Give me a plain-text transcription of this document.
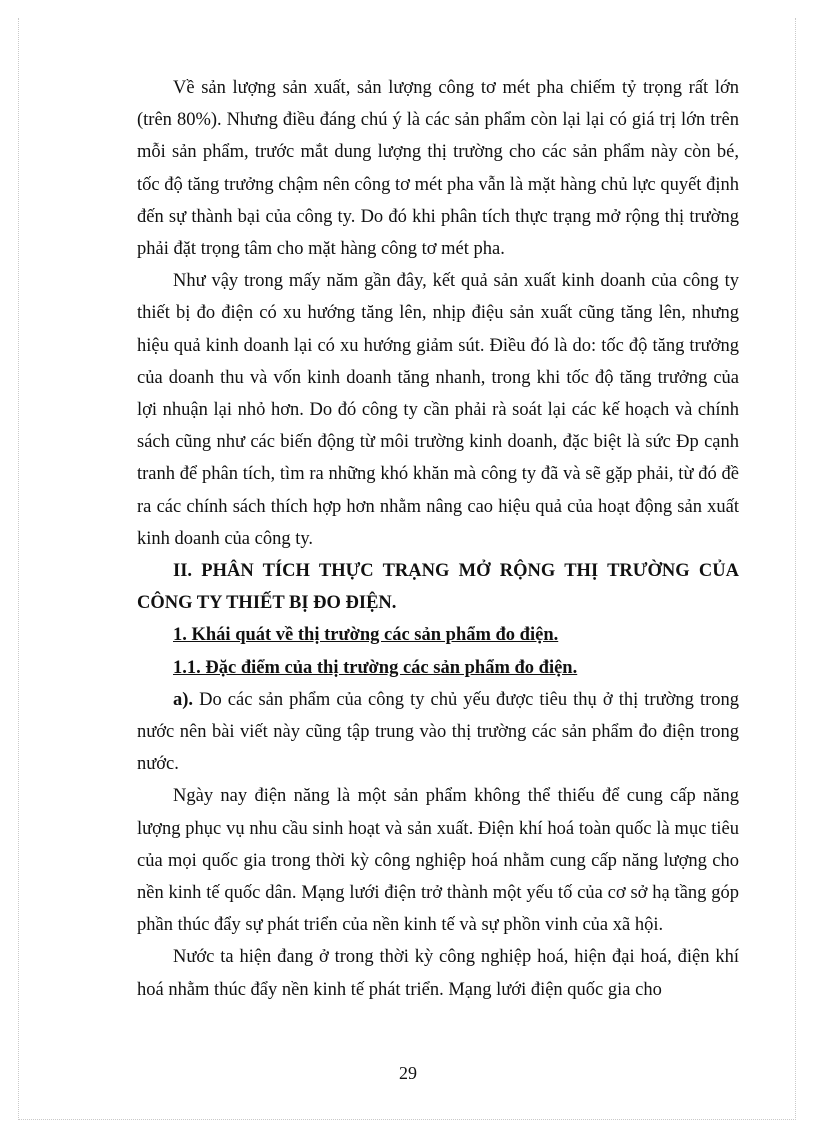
Về sản lượng sản xuất, sản lượng công tơ mét pha chiếm tỷ trọng rất lớn (trên 80%). Nhưng điều đáng chú ý là các sản phẩm còn lại lại có giá trị lớn trên mỗi sản phẩm, trước mắt dung lượng thị trường cho các sản phẩm này còn bé, tốc độ tăng trưởng chậm nên công tơ mét pha vẫn là mặt hàng chủ lực quyết định đến sự thành bại của công ty. Do đó khi phân tích thực trạng mở rộng thị trường phải đặt trọng tâm cho mặt hàng công tơ mét pha.

Như vậy trong mấy năm gần đây, kết quả sản xuất kinh doanh của công ty thiết bị đo điện có xu hướng tăng lên, nhịp điệu sản xuất cũng tăng lên, nhưng hiệu quả kinh doanh lại có xu hướng giảm sút. Điều đó là do: tốc độ tăng trưởng của doanh thu và vốn kinh doanh tăng nhanh, trong khi tốc độ tăng trưởng của lợi nhuận lại nhỏ hơn. Do đó công ty cần phải rà soát lại các kế hoạch và chính sách cũng như các biến động từ môi trường kinh doanh, đặc biệt là sức Ðp cạnh tranh để phân tích, tìm ra những khó khăn mà công ty đã và sẽ gặp phải, từ đó đề ra các chính sách thích hợp hơn nhằm nâng cao hiệu quả của hoạt động sản xuất kinh doanh của công ty.

II. PHÂN TÍCH THỰC TRẠNG MỞ RỘNG THỊ TRƯỜNG CỦA CÔNG TY THIẾT BỊ ĐO ĐIỆN.

1. Khái quát về thị trường các sản phẩm đo điện.

1.1. Đặc điểm của thị trường các sản phẩm đo điện.

a). Do các sản phẩm của công ty chủ yếu được tiêu thụ ở thị trường trong nước nên bài viết này cũng tập trung vào thị trường các sản phẩm đo điện trong nước.

Ngày nay điện năng là một sản phẩm không thể thiếu để cung cấp năng lượng phục vụ nhu cầu sinh hoạt và sản xuất. Điện khí hoá toàn quốc là mục tiêu của mọi quốc gia trong thời kỳ công nghiệp hoá nhằm cung cấp năng lượng cho nền kinh tế quốc dân. Mạng lưới điện trở thành một yếu tố của cơ sở hạ tầng góp phần thúc đẩy sự phát triển của nền kinh tế và sự phồn vinh của xã hội.

Nước ta hiện đang ở trong thời kỳ công nghiệp hoá, hiện đại hoá, điện khí hoá nhằm thúc đẩy nền kinh tế phát triển. Mạng lưới điện quốc gia cho

29
